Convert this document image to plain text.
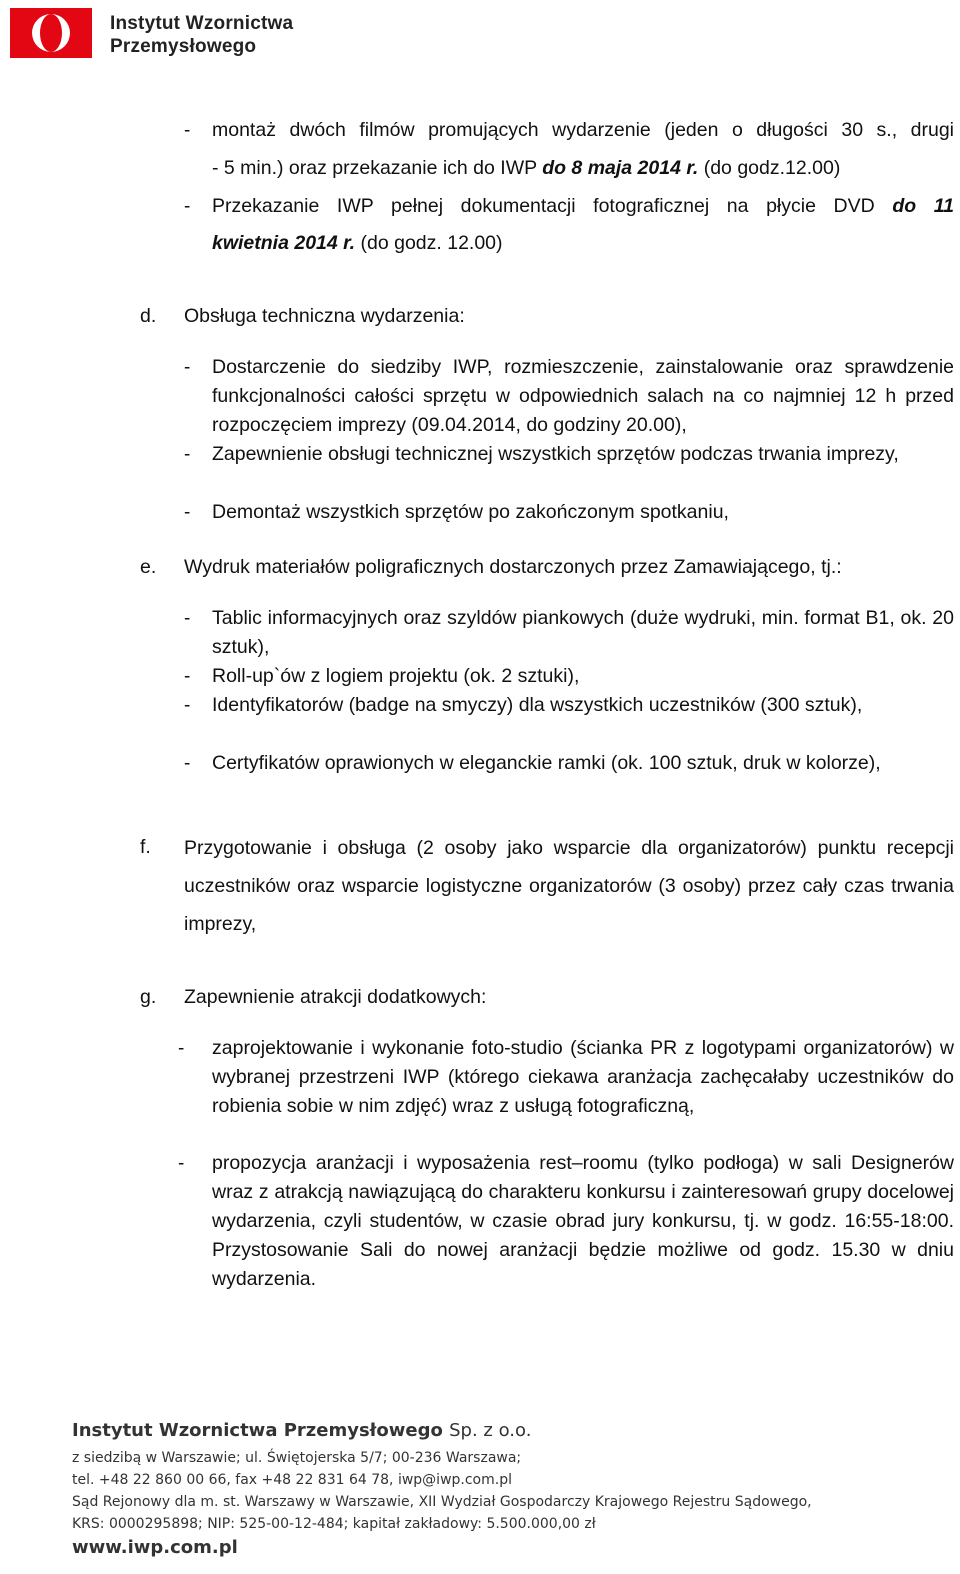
Instytut Wzornictwa
Przemysłowego
-	montaż dwóch filmów promujących wydarzenie (jeden o długości 30 s., drugi
- 5 min.) oraz przekazanie ich do IWP do 8 maja 2014 r. (do godz.12.00)
-	Przekazanie IWP pełnej dokumentacji fotograficznej na płycie DVD do 11
kwietnia 2014 r. (do godz. 12.00)
d. Obsługa techniczna wydarzenia:
-	Dostarczenie do siedziby IWP, rozmieszczenie, zainstalowanie oraz sprawdzenie funkcjonalności całości sprzętu w odpowiednich salach na co najmniej 12 h przed rozpoczęciem imprezy (09.04.2014, do godziny 20.00),
-	Zapewnienie obsługi technicznej wszystkich sprzętów podczas trwania imprezy,
-	Demontaż wszystkich sprzętów po zakończonym spotkaniu,
e. Wydruk materiałów poligraficznych dostarczonych przez Zamawiającego, tj.:
-	Tablic informacyjnych oraz szyldów piankowych (duże wydruki, min. format B1, ok. 20 sztuk),
-	Roll-up`ów z logiem projektu (ok. 2 sztuki),
-	Identyfikatorów (badge na smyczy) dla wszystkich uczestników (300 sztuk),
-	Certyfikatów oprawionych w eleganckie ramki (ok. 100 sztuk, druk w kolorze),
f. Przygotowanie i obsługa (2 osoby jako wsparcie dla organizatorów) punktu recepcji uczestników oraz wsparcie logistyczne organizatorów (3 osoby) przez cały czas trwania imprezy,
g. Zapewnienie atrakcji dodatkowych:
-	zaprojektowanie i wykonanie foto-studio (ścianka PR z logotypami organizatorów) w wybranej przestrzeni IWP (którego ciekawa aranżacja zachęcałaby uczestników do robienia sobie w nim zdjęć) wraz z usługą fotograficzną,
-	propozycja aranżacji i wyposażenia rest–roomu (tylko podłoga) w sali Designerów wraz z atrakcją nawiązującą do charakteru konkursu i zainteresowań grupy docelowej wydarzenia, czyli studentów, w czasie obrad jury konkursu, tj. w godz. 16:55-18:00. Przystosowanie Sali do nowej aranżacji będzie możliwe od godz. 15.30 w dniu wydarzenia.
Instytut Wzornictwa Przemysłowego Sp. z o.o.
z siedzibą w Warszawie; ul. Świętojerska 5/7; 00-236 Warszawa;
tel. +48 22 860 00 66, fax +48 22 831 64 78, iwp@iwp.com.pl
Sąd Rejonowy dla m. st. Warszawy w Warszawie, XII Wydział Gospodarczy Krajowego Rejestru Sądowego,
KRS: 0000295898; NIP: 525-00-12-484; kapitał zakładowy: 5.500.000,00 zł
www.iwp.com.pl
